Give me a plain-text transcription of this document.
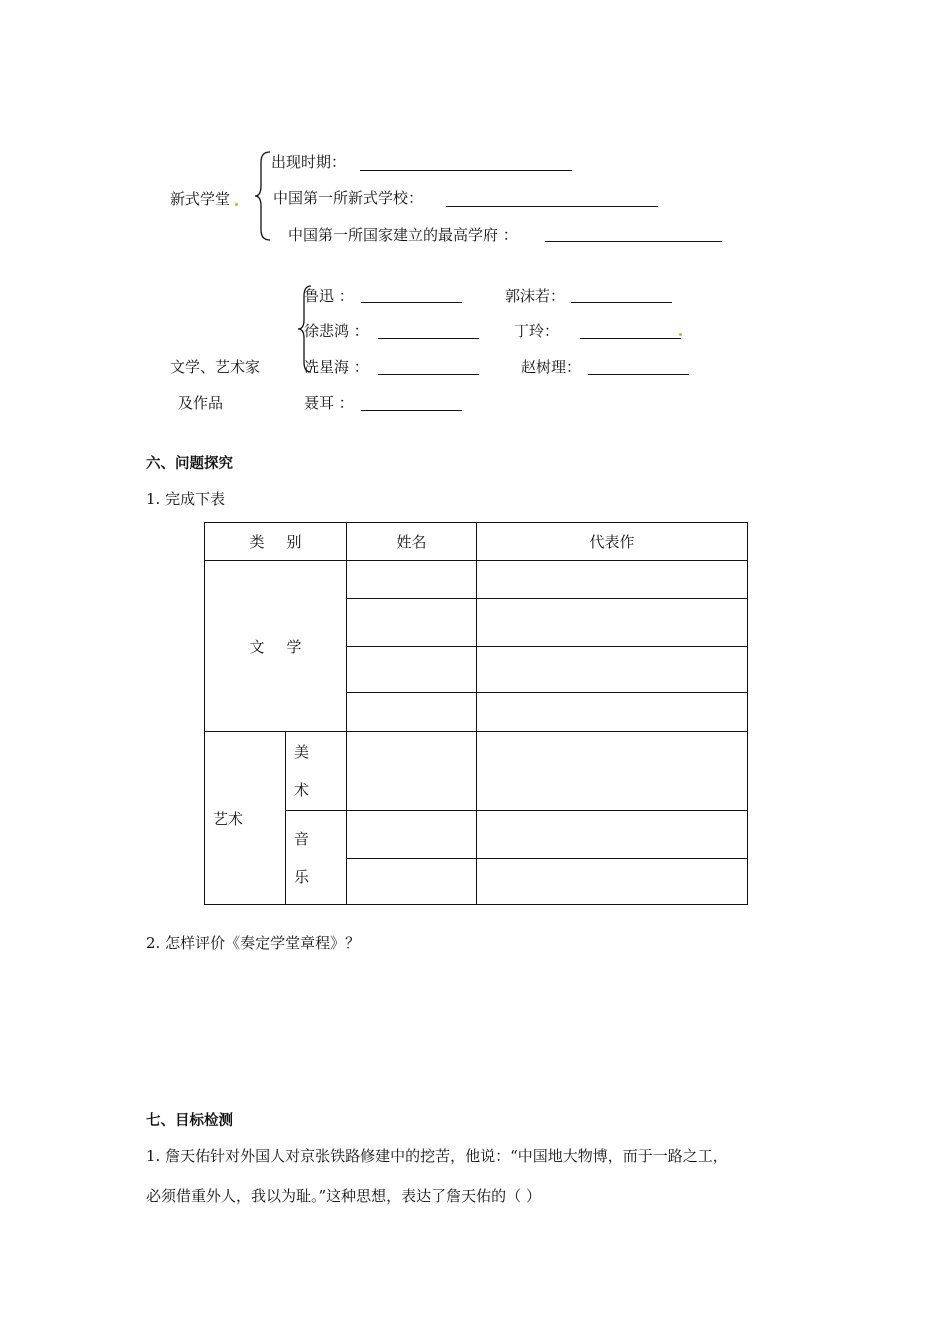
新式学堂
出现时期：
中国第一所新式学校：
中国第一所国家建立的最高学府 ：
鲁迅 ：	郭沫若：
徐悲鸿 ：	丁玲：
文学、艺术家	冼星海 ：	赵树理：
及作品	聂耳 ：
六、问题探究
1. 完成下表
类别		姓名	代表作
文学			

艺术	美
术		

	音
乐		

2. 怎样评价《奏定学堂章程》？
七、目标检测
1. 詹天佑针对外国人对京张铁路修建中的挖苦，他说：“中国地大物博，而于一路之工，
必须借重外人，我以为耻。”这种思想，表达了詹天佑的（ ）
